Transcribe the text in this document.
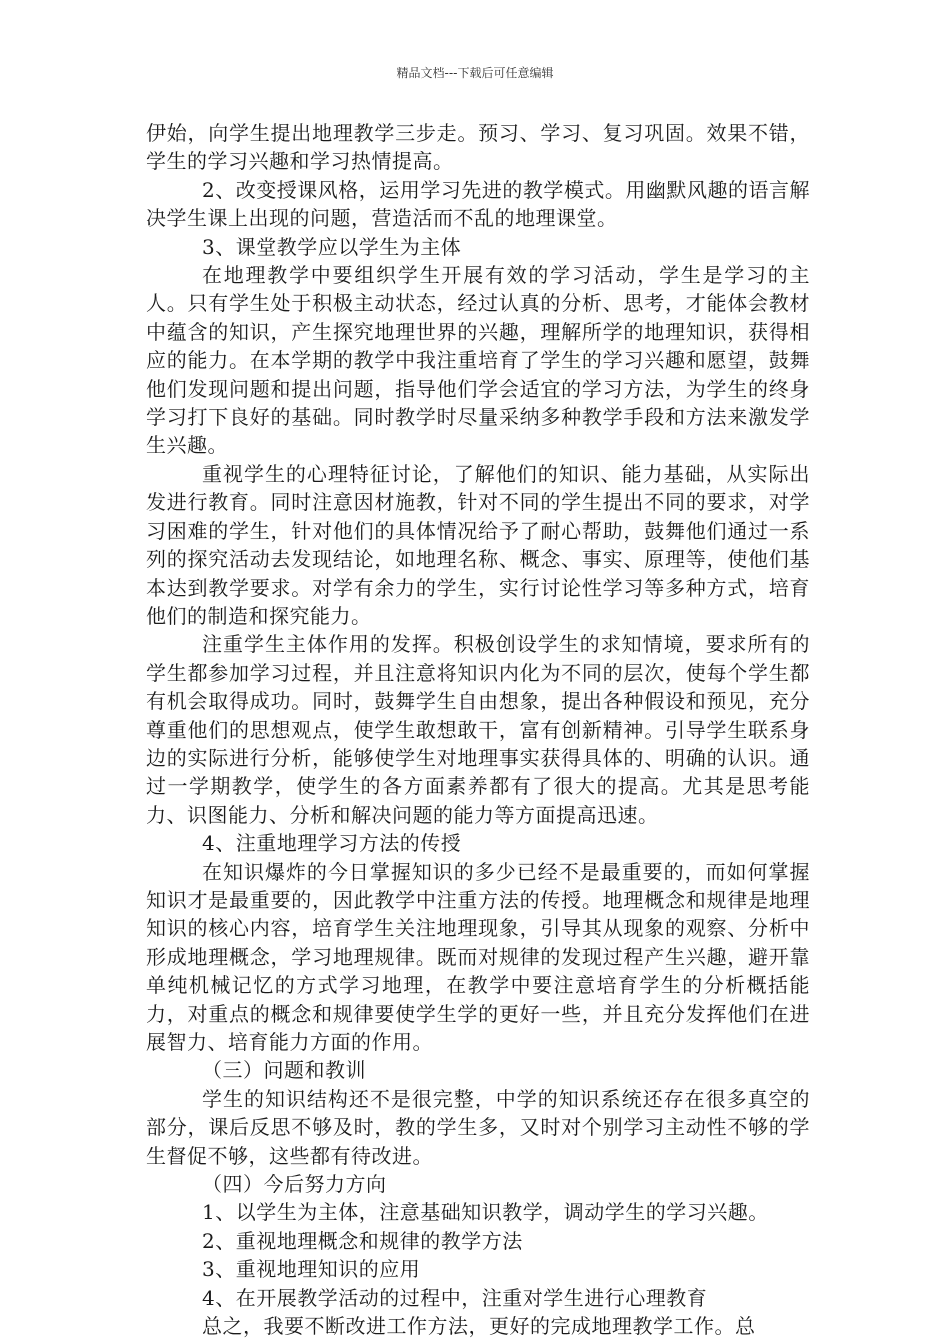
精品文档---下载后可任意编辑

伊始，向学生提出地理教学三步走。预习、学习、复习巩固。效果不错，学生的学习兴趣和学习热情提高。

2、改变授课风格，运用学习先进的教学模式。用幽默风趣的语言解决学生课上出现的问题，营造活而不乱的地理课堂。

3、课堂教学应以学生为主体

在地理教学中要组织学生开展有效的学习活动，学生是学习的主人。只有学生处于积极主动状态，经过认真的分析、思考，才能体会教材中蕴含的知识，产生探究地理世界的兴趣，理解所学的地理知识，获得相应的能力。在本学期的教学中我注重培育了学生的学习兴趣和愿望，鼓舞他们发现问题和提出问题，指导他们学会适宜的学习方法，为学生的终身学习打下良好的基础。同时教学时尽量采纳多种教学手段和方法来激发学生兴趣。

重视学生的心理特征讨论，了解他们的知识、能力基础，从实际出发进行教育。同时注意因材施教，针对不同的学生提出不同的要求，对学习困难的学生，针对他们的具体情况给予了耐心帮助，鼓舞他们通过一系列的探究活动去发现结论，如地理名称、概念、事实、原理等，使他们基本达到教学要求。对学有余力的学生，实行讨论性学习等多种方式，培育他们的制造和探究能力。

注重学生主体作用的发挥。积极创设学生的求知情境，要求所有的学生都参加学习过程，并且注意将知识内化为不同的层次，使每个学生都有机会取得成功。同时，鼓舞学生自由想象，提出各种假设和预见，充分尊重他们的思想观点，使学生敢想敢干，富有创新精神。引导学生联系身边的实际进行分析，能够使学生对地理事实获得具体的、明确的认识。通过一学期教学，使学生的各方面素养都有了很大的提高。尤其是思考能力、识图能力、分析和解决问题的能力等方面提高迅速。

4、注重地理学习方法的传授

在知识爆炸的今日掌握知识的多少已经不是最重要的，而如何掌握知识才是最重要的，因此教学中注重方法的传授。地理概念和规律是地理知识的核心内容，培育学生关注地理现象，引导其从现象的观察、分析中形成地理概念，学习地理规律。既而对规律的发现过程产生兴趣，避开靠单纯机械记忆的方式学习地理，在教学中要注意培育学生的分析概括能力，对重点的概念和规律要使学生学的更好一些，并且充分发挥他们在进展智力、培育能力方面的作用。

（三）问题和教训

学生的知识结构还不是很完整，中学的知识系统还存在很多真空的部分，课后反思不够及时，教的学生多，又时对个别学习主动性不够的学生督促不够，这些都有待改进。

（四）今后努力方向

1、以学生为主体，注意基础知识教学，调动学生的学习兴趣。

2、重视地理概念和规律的教学方法

3、重视地理知识的应用

4、在开展教学活动的过程中，注重对学生进行心理教育

总之，我要不断改进工作方法，更好的完成地理教学工作。总
